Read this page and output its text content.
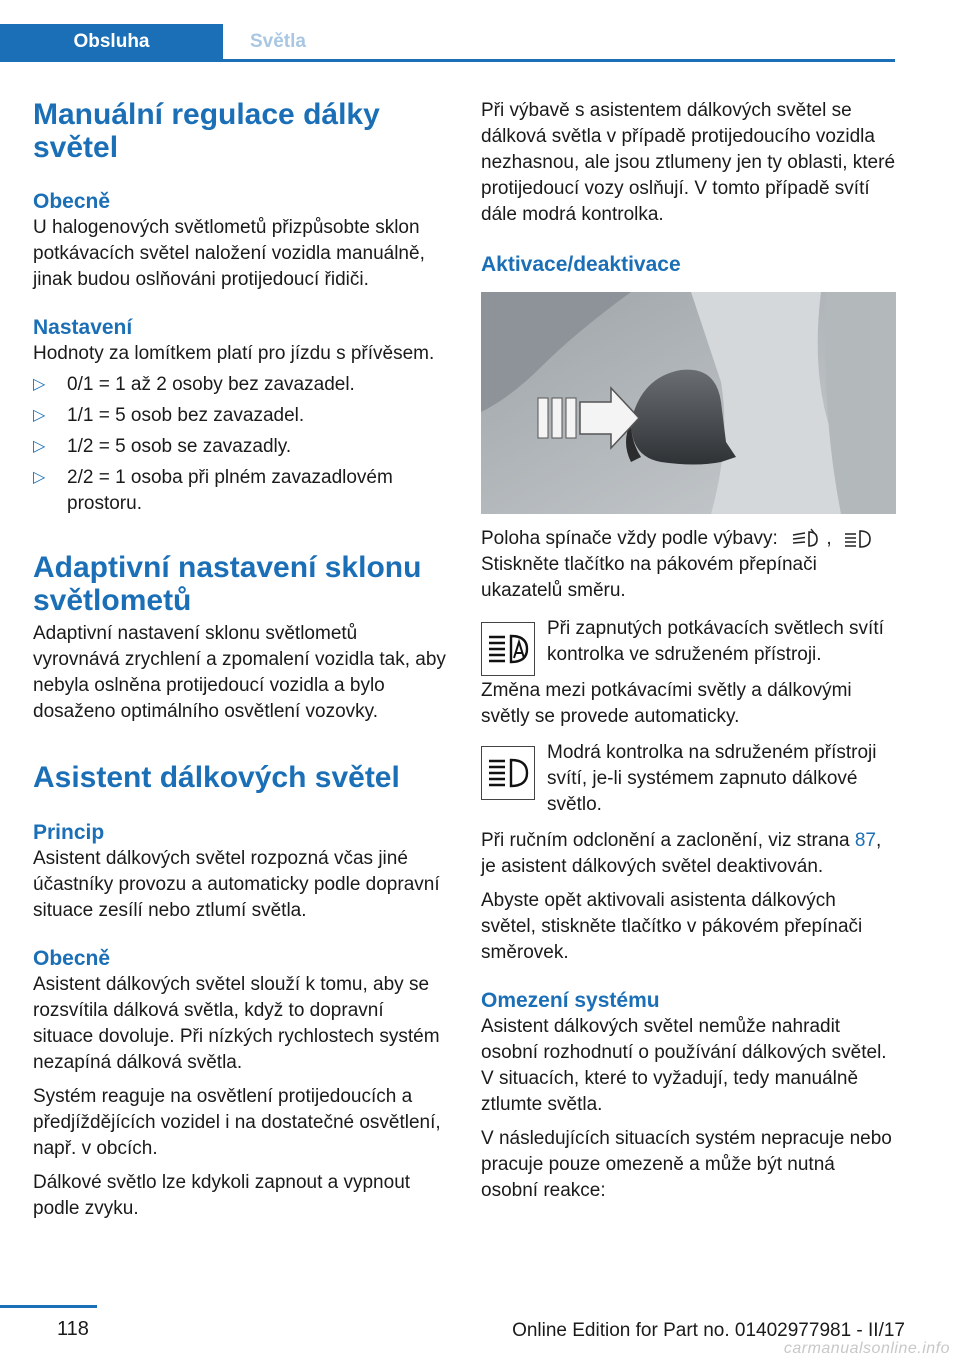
Obsluha	Světla
Manuální regulace dálky světel
Obecně

U halogenových světlometů přizpůsobte sklon potkávacích světel naložení vozidla manuálně, jinak budou oslňováni protijedoucí řidiči.

Nastavení

Hodnoty za lomítkem platí pro jízdu s přívěsem.

▷ 0/1 = 1 až 2 osoby bez zavazadel.
▷ 1/1 = 5 osob bez zavazadel.
▷ 1/2 = 5 osob se zavazadly.
▷ 2/2 = 1 osoba při plném zavazadlovém prostoru.
Adaptivní nastavení sklonu světlometů

Adaptivní nastavení sklonu světlometů vyrovnává zrychlení a zpomalení vozidla tak, aby nebyla oslněna protijedoucí vozidla a bylo dosaženo optimálního osvětlení vozovky.

Asistent dálkových světel
Princip

Asistent dálkových světel rozpozná včas jiné účastníky provozu a automaticky podle dopravní situace zesílí nebo ztlumí světla.

Obecně

Asistent dálkových světel slouží k tomu, aby se rozsvítila dálková světla, když to dopravní situace dovoluje. Při nízkých rychlostech systém nezapíná dálková světla.

Systém reaguje na osvětlení protijedoucích a předjíždějících vozidel i na dostatečné osvětlení, např. v obcích.

Dálkové světlo lze kdykoli zapnout a vypnout podle zvyku.

Při výbavě s asistentem dálkových světel se dálková světla v případě protijedoucího vozidla nezhasnou, ale jsou ztlumeny jen ty oblasti, které protijedoucí vozy oslňují. V tomto případě svítí dále modrá kontrolka.

Aktivace/deaktivace

Poloha spínače vždy podle výbavy:	,

Stiskněte tlačítko na pákovém přepínači ukazatelů směru.

Při zapnutých potkávacích světlech svítí kontrolka ve sdruženém přístroji.

Změna mezi potkávacími světly a dálkovými světly se provede automaticky.

Modrá kontrolka na sdruženém přístroji svítí, je-li systémem zapnuto dálkové světlo.

Při ručním odclonění a zaclonění, viz strana 87, je asistent dálkových světel deaktivován.

Abyste opět aktivovali asistenta dálkových světel, stiskněte tlačítko v pákovém přepínači směrovek.

Omezení systému

Asistent dálkových světel nemůže nahradit osobní rozhodnutí o používání dálkových světel. V situacích, které to vyžadují, tedy manuálně ztlumte světla.

V následujících situacích systém nepracuje nebo pracuje pouze omezeně a může být nutná osobní reakce:

118	Online Edition for Part no. 01402977981 - II/17
carmanualsonline.info
